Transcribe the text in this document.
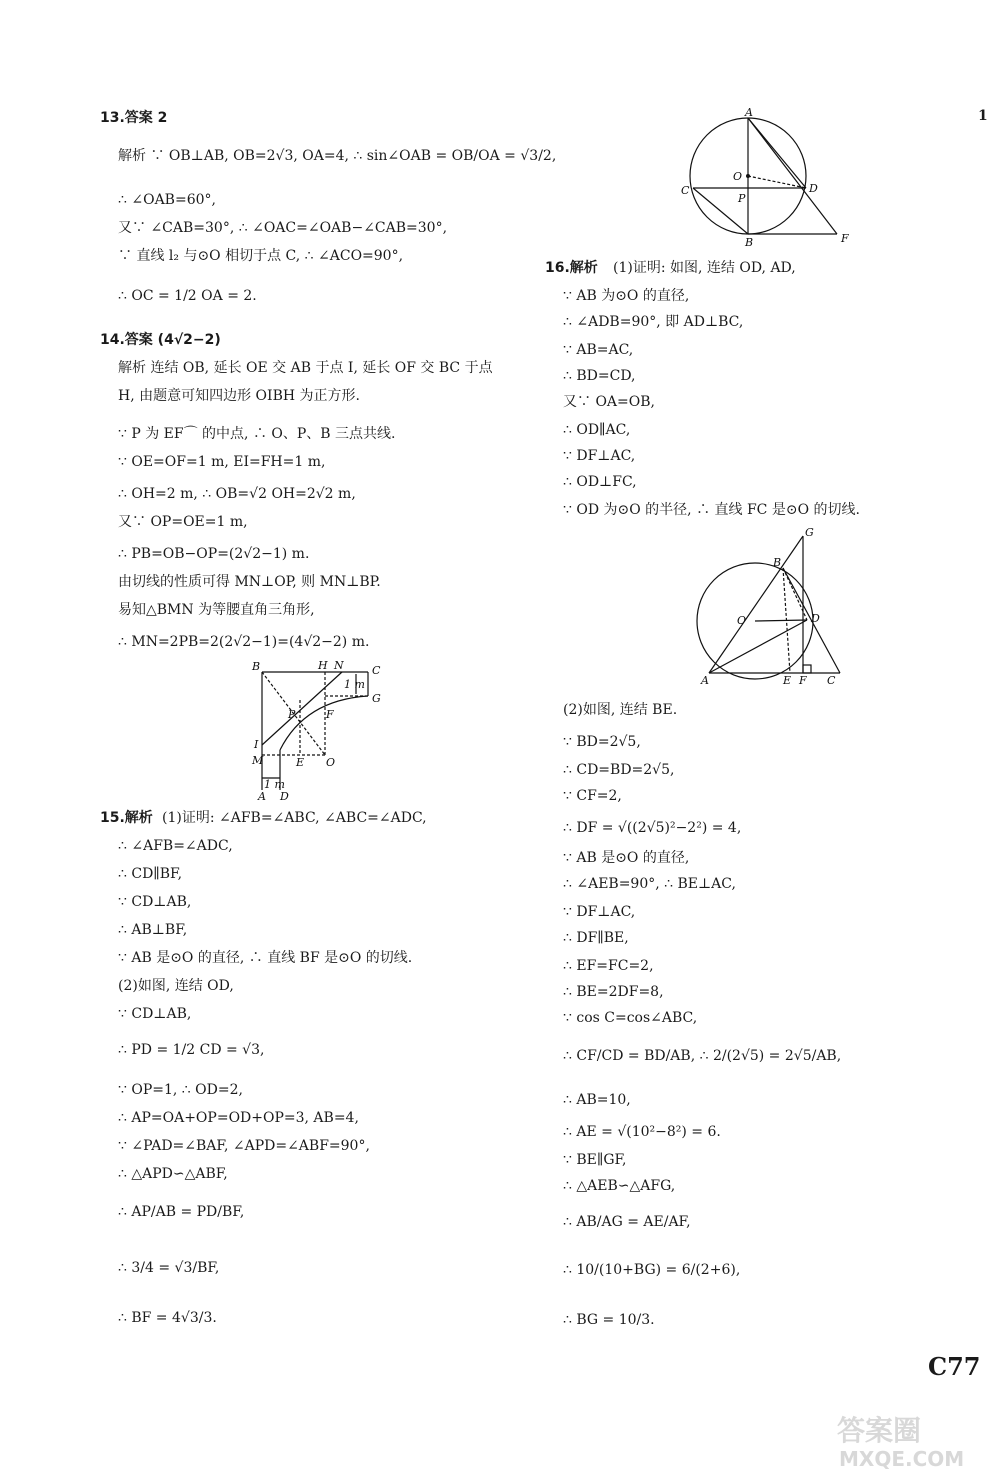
1
13.答案 2
解析 ∵ OB⊥AB, OB=2√3, OA=4, ∴ sin∠OAB = OB/OA = √3/2,
∴ ∠OAB=60°,
又∵ ∠CAB=30°, ∴ ∠OAC=∠OAB−∠CAB=30°,
∵ 直线 l₂ 与⊙O 相切于点 C, ∴ ∠ACO=90°,
∴ OC = 1/2 OA = 2.
14.答案 (4√2−2)
解析 连结 OB, 延长 OE 交 AB 于点 I, 延长 OF 交 BC 于点
H, 由题意可知四边形 OIBH 为正方形.
∵ P 为 EF⌒ 的中点, ∴ O、P、B 三点共线.
∵ OE=OF=1 m, EI=FH=1 m,
∴ OH=2 m, ∴ OB=√2 OH=2√2 m,
又∵ OP=OE=1 m,
∴ PB=OB−OP=(2√2−1) m.
由切线的性质可得 MN⊥OP, 则 MN⊥BP.
易知△BMN 为等腰直角三角形,
∴ MN=2PB=2(2√2−1)=(4√2−2) m.
B	H N	C
G
P	F
I
M	E O
A D
1 m
1 m
15.解析 (1)证明: ∠AFB=∠ABC, ∠ABC=∠ADC,
∴ ∠AFB=∠ADC,
∴ CD∥BF,
∵ CD⊥AB,
∴ AB⊥BF,
∵ AB 是⊙O 的直径, ∴ 直线 BF 是⊙O 的切线.
(2)如图, 连结 OD,
∵ CD⊥AB,
∴ PD = 1/2 CD = √3,
∵ OP=1, ∴ OD=2,
∴ AP=OA+OP=OD+OP=3, AB=4,
∵ ∠PAD=∠BAF, ∠APD=∠ABF=90°,
∴ △APD∽△ABF,
∴ AP/AB = PD/BF,
∴ 3/4 = √3/BF,
∴ BF = 4√3/3.
A
O
C
P
D
B	F
16.解析 (1)证明: 如图, 连结 OD, AD,
∵ AB 为⊙O 的直径,
∴ ∠ADB=90°, 即 AD⊥BC,
∵ AB=AC,
∴ BD=CD,
又∵ OA=OB,
∴ OD∥AC,
∵ DF⊥AC,
∴ OD⊥FC,
∵ OD 为⊙O 的半径, ∴ 直线 FC 是⊙O 的切线.
G
B
O	D
A	E F C
(2)如图, 连结 BE.
∵ BD=2√5,
∴ CD=BD=2√5,
∵ CF=2,
∴ DF = √((2√5)²−2²) = 4,
∵ AB 是⊙O 的直径,
∴ ∠AEB=90°, ∴ BE⊥AC,
∵ DF⊥AC,
∴ DF∥BE,
∴ EF=FC=2,
∴ BE=2DF=8,
∵ cos C=cos∠ABC,
∴ CF/CD = BD/AB, ∴ 2/(2√5) = 2√5/AB,
∴ AB=10,
∴ AE = √(10²−8²) = 6.
∵ BE∥GF,
∴ △AEB∽△AFG,
∴ AB/AG = AE/AF,
∴ 10/(10+BG) = 6/(2+6),
∴ BG = 10/3.
C77
答案圈
MXQE.COM
